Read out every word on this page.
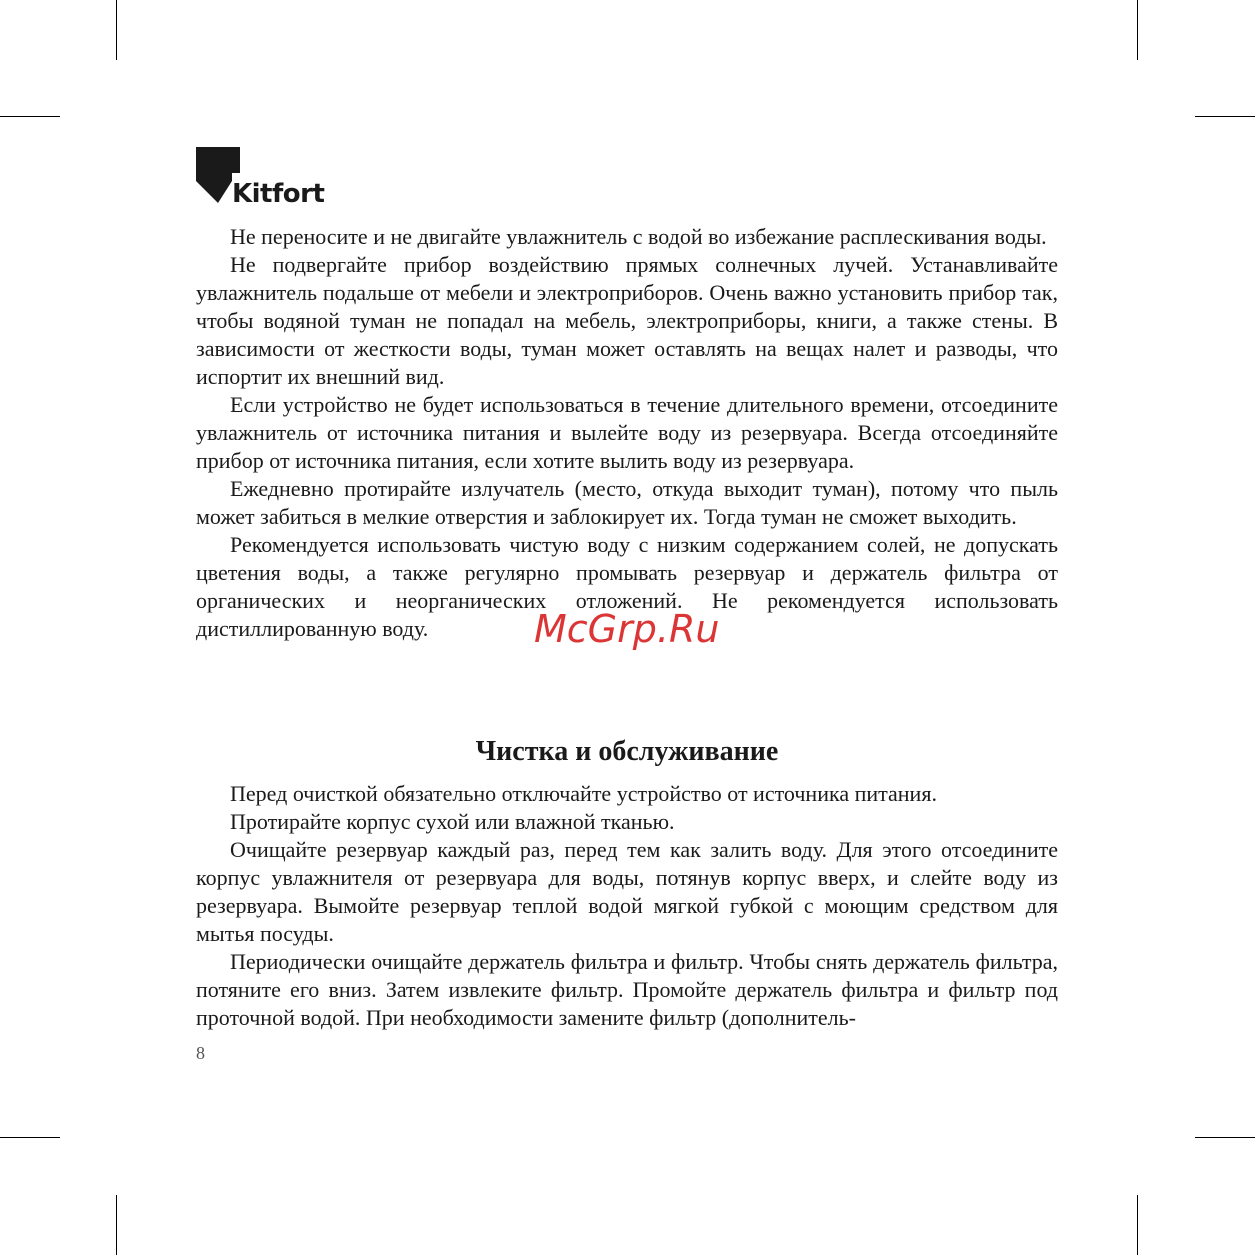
Kitfort

Не переносите и не двигайте увлажнитель с водой во избежание расплескивания воды.

Не подвергайте прибор воздействию прямых солнечных лучей. Устанавливайте увлажнитель подальше от мебели и электроприборов. Очень важно установить прибор так, чтобы водяной туман не попадал на мебель, электроприборы, книги, а также стены. В зависимости от жесткости воды, туман может оставлять на вещах налет и разводы, что испортит их внешний вид.

Если устройство не будет использоваться в течение длительного времени, отсоедините увлажнитель от источника питания и вылейте воду из резервуара. Всегда отсоединяйте прибор от источника питания, если хотите вылить воду из резервуара.

Ежедневно протирайте излучатель (место, откуда выходит туман), потому что пыль может забиться в мелкие отверстия и заблокирует их. Тогда туман не сможет выходить.

Рекомендуется использовать чистую воду с низким содержанием солей, не допускать цветения воды, а также регулярно промывать резервуар и держатель фильтра от органических и неорганических отложений. Не рекомендуется использовать дистиллированную воду.

Чистка и обслуживание

Перед очисткой обязательно отключайте устройство от источника питания.

Протирайте корпус сухой или влажной тканью.

Очищайте резервуар каждый раз, перед тем как залить воду. Для этого отсоедините корпус увлажнителя от резервуара для воды, потянув корпус вверх, и слейте воду из резервуара. Вымойте резервуар теплой водой мягкой губкой с моющим средством для мытья посуды.

Периодически очищайте держатель фильтра и фильтр. Чтобы снять держатель фильтра, потяните его вниз. Затем извлеките фильтр. Промойте держатель фильтра и фильтр под проточной водой. При необходимости замените фильтр (дополнитель-

8
McGrp.Ru
